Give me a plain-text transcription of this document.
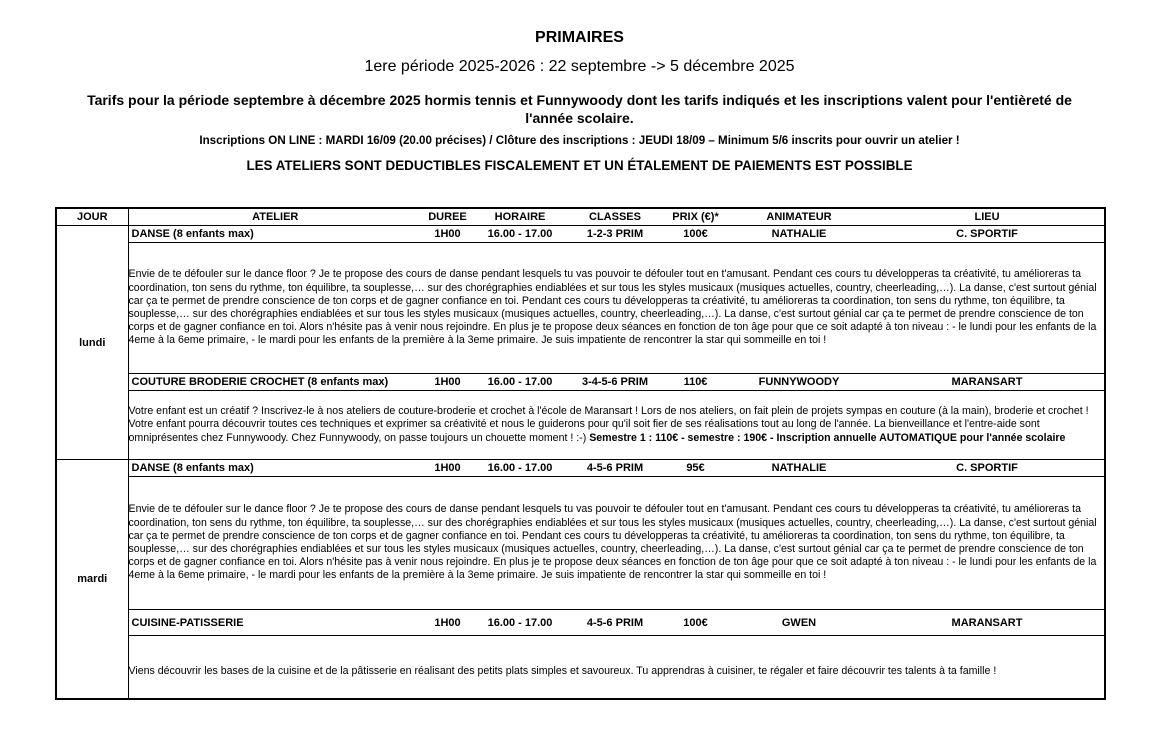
PRIMAIRES
1ere période 2025-2026 : 22 septembre -> 5 décembre 2025
Tarifs pour la période septembre à décembre 2025 hormis tennis et Funnywoody dont les tarifs indiqués et les inscriptions valent pour l'entièreté de l'année scolaire.
Inscriptions ON LINE : MARDI 16/09 (20.00 précises) / Clôture des inscriptions : JEUDI 18/09 – Minimum 5/6 inscrits pour ouvrir un atelier !
LES ATELIERS SONT DEDUCTIBLES FISCALEMENT ET UN ÉTALEMENT DE PAIEMENTS EST POSSIBLE
JOUR	ATELIER	DUREE	HORAIRE	CLASSES	PRIX (€)*	ANIMATEUR	LIEU
lundi	DANSE (8 enfants max)	1H00	16.00 - 17.00	1-2-3 PRIM	100€	NATHALIE	C. SPORTIF
	Envie de te défouler sur le dance floor ? Je te propose des cours de danse pendant lesquels tu vas pouvoir te défouler tout en t'amusant. Pendant ces cours tu développeras ta créativité, tu amélioreras ta coordination, ton sens du rythme, ton équilibre, ta souplesse,… sur des chorégraphies endiablées et sur tous les styles musicaux (musiques actuelles, country, cheerleading,…). La danse, c'est surtout génial car ça te permet de prendre conscience de ton corps et de gagner confiance en toi. Pendant ces cours tu développeras ta créativité, tu amélioreras ta coordination, ton sens du rythme, ton équilibre, ta souplesse,… sur des chorégraphies endiablées et sur tous les styles musicaux (musiques actuelles, country, cheerleading,…). La danse, c'est surtout génial car ça te permet de prendre conscience de ton corps et de gagner confiance en toi. Alors n'hésite pas à venir nous rejoindre. En plus je te propose deux séances en fonction de ton âge pour que ce soit adapté à ton niveau : - le lundi pour les enfants de la 4eme à la 6eme primaire, - le mardi pour les enfants de la première à la 3eme primaire. Je suis impatiente de rencontrer la star qui sommeille en toi !						
	COUTURE BRODERIE CROCHET (8 enfants max)	1H00	16.00 - 17.00	3-4-5-6 PRIM	110€	FUNNYWOODY	MARANSART
	Votre enfant est un créatif ? Inscrivez-le à nos ateliers de couture-broderie et crochet à l'école de Maransart ! Lors de nos ateliers, on fait plein de projets sympas en couture (à la main), broderie et crochet ! Votre enfant pourra découvrir toutes ces techniques et exprimer sa créativité et nous le guiderons pour qu'il soit fier de ses réalisations tout au long de l'année. La bienveillance et l'entre-aide sont omniprésentes chez Funnywoody. Chez Funnywoody, on passe toujours un chouette moment ! :-) Semestre 1 : 110€ - semestre : 190€ - Inscription annuelle AUTOMATIQUE pour l'année scolaire						
mardi	DANSE (8 enfants max)	1H00	16.00 - 17.00	4-5-6 PRIM	95€	NATHALIE	C. SPORTIF
	Envie de te défouler sur le dance floor ? Je te propose des cours de danse pendant lesquels tu vas pouvoir te défouler tout en t'amusant. Pendant ces cours tu développeras ta créativité, tu amélioreras ta coordination, ton sens du rythme, ton équilibre, ta souplesse,… sur des chorégraphies endiablées et sur tous les styles musicaux (musiques actuelles, country, cheerleading,…). La danse, c'est surtout génial car ça te permet de prendre conscience de ton corps et de gagner confiance en toi. Pendant ces cours tu développeras ta créativité, tu amélioreras ta coordination, ton sens du rythme, ton équilibre, ta souplesse,… sur des chorégraphies endiablées et sur tous les styles musicaux (musiques actuelles, country, cheerleading,…). La danse, c'est surtout génial car ça te permet de prendre conscience de ton corps et de gagner confiance en toi. Alors n'hésite pas à venir nous rejoindre. En plus je te propose deux séances en fonction de ton âge pour que ce soit adapté à ton niveau : - le lundi pour les enfants de la 4eme à la 6eme primaire, - le mardi pour les enfants de la première à la 3eme primaire. Je suis impatiente de rencontrer la star qui sommeille en toi !						
	CUISINE-PATISSERIE	1H00	16.00 - 17.00	4-5-6 PRIM	100€	GWEN	MARANSART
	Viens découvrir les bases de la cuisine et de la pâtisserie en réalisant des petits plats simples et savoureux. Tu apprendras à cuisiner, te régaler et faire découvrir tes talents à ta famille !						
